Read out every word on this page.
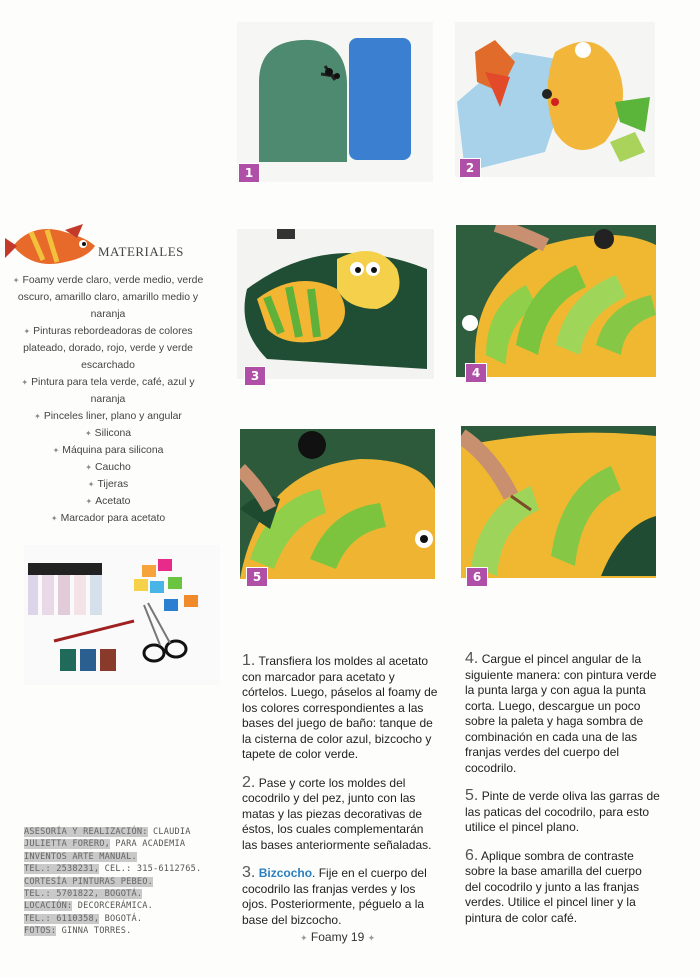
1	2
MATERIALES
✦ Foamy verde claro, verde medio, verde oscuro, amarillo claro, amarillo medio y naranja
✦ Pinturas rebordeadoras de colores plateado, dorado, rojo, verde y verde escarchado
✦ Pintura para tela verde, café, azul y naranja
✦ Pinceles liner, plano y angular
✦ Silicona
✦ Máquina para silicona
✦ Caucho
✦ Tijeras
✦ Acetato
✦ Marcador para acetato
3	4
5	6
1. Transfiera los moldes al acetato con marcador para acetato y córtelos. Luego, páselos al foamy de los colores correspondientes a las bases del juego de baño: tanque de la cisterna de color azul, bizcocho y tapete de color verde.
2. Pase y corte los moldes del cocodrilo y del pez, junto con las matas y las piezas decorativas de éstos, los cuales complementarán las bases anteriormente señaladas.
3. Bizcocho. Fije en el cuerpo del cocodrilo las franjas verdes y los ojos. Posteriormente, péguelo a la base del bizcocho.
4. Cargue el pincel angular de la siguiente manera: con pintura verde la punta larga y con agua la punta corta. Luego, descargue un poco sobre la paleta y haga sombra de combinación en cada una de las franjas verdes del cuerpo del cocodrilo.
5. Pinte de verde oliva las garras de las paticas del cocodrilo, para esto utilice el pincel plano.
6. Aplique sombra de contraste sobre la base amarilla del cuerpo del cocodrilo y junto a las franjas verdes. Utilice el pincel liner y la pintura de color café.
ASESORÍA Y REALIZACIÓN: CLAUDIA
JULIETTA FORERO, PARA ACADEMIA
INVENTOS ARTE MANUAL.
TEL.: 2538231, CEL.: 315-6112765.
CORTESÍA PINTURAS PEBEO.
TEL.: 5701822, BOGOTÁ.
LOCACIÓN: DECORCERÁMICA.
TEL.: 6110358, BOGOTÁ.
FOTOS: GINNA TORRES.
✦ Foamy 19 ✦
